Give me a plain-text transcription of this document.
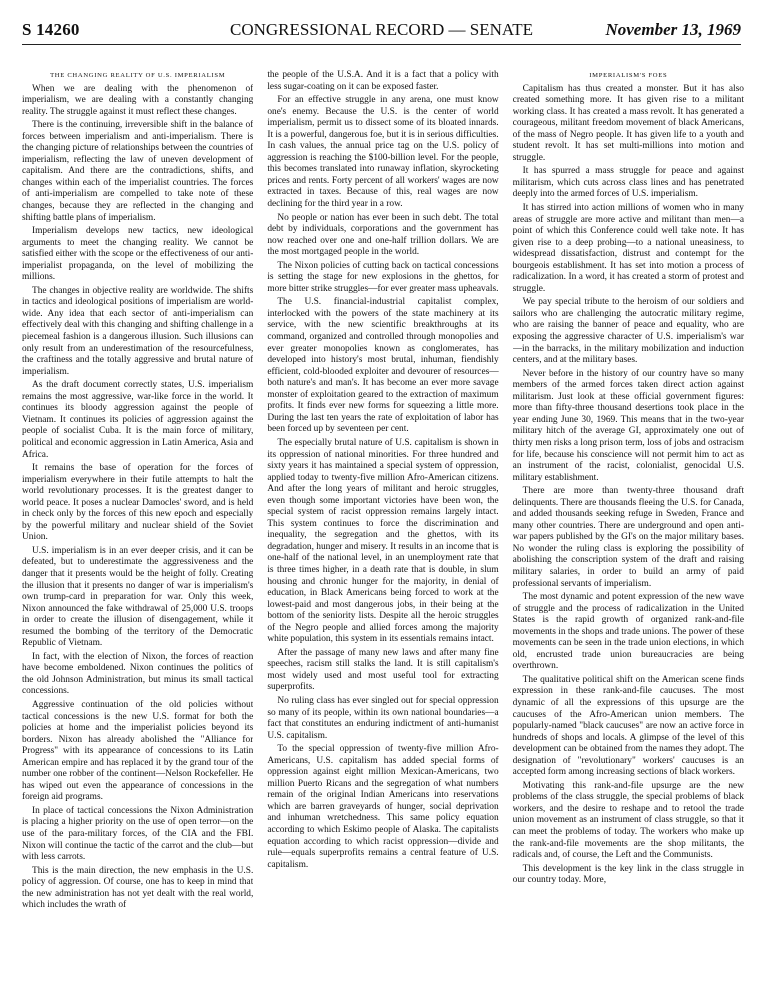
S 14260	CONGRESSIONAL RECORD — SENATE	November 13, 1969
THE CHANGING REALITY OF U.S. IMPERIALISM

When we are dealing with the phenomenon of imperialism, we are dealing with a constantly changing reality. The struggle against it must reflect these changes.

There is the continuing, irreversible shift in the balance of forces between imperialism and anti-imperialism. There is the changing picture of relationships between the countries of imperialism, reflecting the law of uneven development of capitalism. And there are the contradictions, shifts, and changes within each of the imperialist countries. The forces of anti-imperialism are compelled to take note of these changes, because they are reflected in the changing and shifting battle plans of imperialism.

Imperialism develops new tactics, new ideological arguments to meet the changing reality. We cannot be satisfied either with the scope or the effectiveness of our anti-imperialist propaganda, on the level of mobilizing the millions.

The changes in objective reality are worldwide. The shifts in tactics and ideological positions of imperialism are world-wide. Any idea that each sector of anti-imperialism can effectively deal with this changing and shifting challenge in a piecemeal fashion is a dangerous illusion. Such illusions can only result from an underestimation of the resourcefulness, the craftiness and the totally aggressive and brutal nature of imperialism.

As the draft document correctly states, U.S. imperialism remains the most aggressive, war-like force in the world. It continues its bloody aggression against the people of Vietnam. It continues its policies of aggression against the people of socialist Cuba. It is the main force of military, political and economic aggression in Latin America, Asia and Africa.

It remains the base of operation for the forces of imperialism everywhere in their futile attempts to halt the world revolutionary processes. It is the greatest danger to world peace. It poses a nuclear Damocles' sword, and is held in check only by the forces of this new epoch and especially by the powerful military and nuclear shield of the Soviet Union.

U.S. imperialism is in an ever deeper crisis, and it can be defeated, but to underestimate the aggressiveness and the danger that it presents would be the height of folly. Creating the illusion that it presents no danger of war is imperialism's own trump-card in preparation for war. Only this week, Nixon announced the fake withdrawal of 25,000 U.S. troops in order to create the illusion of disengagement, while it resumed the bombing of the territory of the Democratic Republic of Vietnam.

In fact, with the election of Nixon, the forces of reaction have become emboldened. Nixon continues the politics of the old Johnson Administration, but minus its small tactical concessions.

Aggressive continuation of the old policies without tactical concessions is the new U.S. format for both the policies at home and the imperialist policies beyond its borders. Nixon has already abolished the "Alliance for Progress" with its appearance of concessions to its Latin American empire and has replaced it by the grand tour of the number one robber of the continent—Nelson Rockefeller. He has wiped out even the appearance of concessions in the foreign aid programs.

In place of tactical concessions the Nixon Administration is placing a higher priority on the use of open terror—on the use of the para-military forces, of the CIA and the FBI. Nixon will continue the tactic of the carrot and the club—but with less carrots.

This is the main direction, the new emphasis in the U.S. policy of aggression. Of course, one has to keep in mind that the new administration has not yet dealt with the real world, which includes the wrath of

the people of the U.S.A. And it is a fact that a policy with less sugar-coating on it can be exposed faster.

For an effective struggle in any arena, one must know one's enemy. Because the U.S. is the center of world imperialism, permit us to dissect some of its bloated innards. It is a powerful, dangerous foe, but it is in serious difficulties. In cash values, the annual price tag on the U.S. policy of aggression is reaching the $100-billion level. For the people, this becomes translated into runaway inflation, skyrocketing prices and rents. Forty percent of all workers' wages are now extracted in taxes. Because of this, real wages are now declining for the third year in a row.

No people or nation has ever been in such debt. The total debt by individuals, corporations and the government has now reached over one and one-half trillion dollars. We are the most mortgaged people in the world.

The Nixon policies of cutting back on tactical concessions is setting the stage for new explosions in the ghettos, for more bitter strike struggles—for ever greater mass upheavals.

The U.S. financial-industrial capitalist complex, interlocked with the powers of the state machinery at its service, with the new scientific breakthroughs at its command, organized and controlled through monopolies and ever greater monopolies known as conglomerates, has developed into history's most brutal, inhuman, fiendishly efficient, cold-blooded exploiter and devourer of resources—both nature's and man's. It has become an ever more savage monster of exploitation geared to the extraction of maximum profits. It finds ever new forms for squeezing a little more. During the last ten years the rate of exploitation of labor has been forced up by seventeen per cent.

The especially brutal nature of U.S. capitalism is shown in its oppression of national minorities. For three hundred and sixty years it has maintained a special system of oppression, applied today to twenty-five million Afro-American citizens. And after the long years of militant and heroic struggles, even though some important victories have been won, the special system of racist oppression remains largely intact. This system continues to force the discrimination and inequality, the segregation and the ghettos, with its degradation, hunger and misery. It results in an income that is one-half of the national level, in an unemployment rate that is three times higher, in a death rate that is double, in slum housing and chronic hunger for the majority, in denial of education, in Black Americans being forced to work at the lowest-paid and most dangerous jobs, in their being at the bottom of the seniority lists. Despite all the heroic struggles of the Negro people and allied forces among the majority white population, this system in its essentials remains intact.

After the passage of many new laws and after many fine speeches, racism still stalks the land. It is still capitalism's most widely used and most useful tool for extracting superprofits.

No ruling class has ever singled out for special oppression so many of its people, within its own national boundaries—a fact that constitutes an enduring indictment of anti-humanist U.S. capitalism.

To the special oppression of twenty-five million Afro-Americans, U.S. capitalism has added special forms of oppression against eight million Mexican-Americans, two million Puerto Ricans and the segregation of what numbers remain of the original Indian Americans into reservations which are barren graveyards of hunger, social deprivation and inhuman wretchedness. This same policy equation according to which Eskimo people of Alaska. The capitalists equation according to which racist oppression—divide and rule—equals superprofits remains a central feature of U.S. capitalism.

IMPERIALISM'S FOES

Capitalism has thus created a monster. But it has also created something more. It has given rise to a militant working class. It has created a mass revolt. It has generated a courageous, militant freedom movement of black Americans, of the mass of Negro people. It has given life to a youth and student revolt. It has set multi-millions into motion and struggle.

It has spurred a mass struggle for peace and against militarism, which cuts across class lines and has penetrated deeply into the armed forces of U.S. imperialism.

It has stirred into action millions of women who in many areas of struggle are more active and militant than men—a point of which this Conference could well take note. It has given rise to a deep probing—to a national uneasiness, to widespread dissatisfaction, distrust and contempt for the bourgeois establishment. It has set into motion a process of radicalization. In a word, it has created a storm of protest and struggle.

We pay special tribute to the heroism of our soldiers and sailors who are challenging the autocratic military regime, who are raising the banner of peace and equality, who are exposing the aggressive character of U.S. imperialism's war—in the barracks, in the military mobilization and induction centers, and at the military bases.

Never before in the history of our country have so many members of the armed forces taken direct action against militarism. Just look at these official government figures: more than fifty-three thousand desertions took place in the year ending June 30, 1969. This means that in the two-year military hitch of the average GI, approximately one out of thirty men risks a long prison term, loss of jobs and ostracism for life, because his conscience will not permit him to act as an instrument of the racist, colonialist, genocidal U.S. military establishment.

There are more than twenty-three thousand draft delinquents. There are thousands fleeing the U.S. for Canada, and added thousands seeking refuge in Sweden, France and many other countries. There are underground and open anti-war papers published by the GI's on the major military bases. No wonder the ruling class is exploring the possibility of abolishing the conscription system of the draft and raising military salaries, in order to build an army of paid professional servants of imperialism.

The most dynamic and potent expression of the new wave of struggle and the process of radicalization in the United States is the rapid growth of organized rank-and-file movements in the shops and trade unions. The power of these movements can be seen in the trade union elections, in which old, encrusted trade union bureaucracies are being overthrown.

The qualitative political shift on the American scene finds expression in these rank-and-file caucuses. The most dynamic of all the expressions of this upsurge are the caucuses of the Afro-American union members. The popularly-named "black caucuses" are now an active force in hundreds of shops and locals. A glimpse of the level of this development can be obtained from the names they adopt. The designation of "revolutionary" workers' caucuses is an accepted form among increasing sections of black workers.

Motivating this rank-and-file upsurge are the new problems of the class struggle, the special problems of black workers, and the desire to reshape and to retool the trade union movement as an instrument of class struggle, so that it can meet the problems of today. The workers who make up the rank-and-file movements are the shop militants, the radicals and, of course, the Left and the Communists.

This development is the key link in the class struggle in our country today. More,
